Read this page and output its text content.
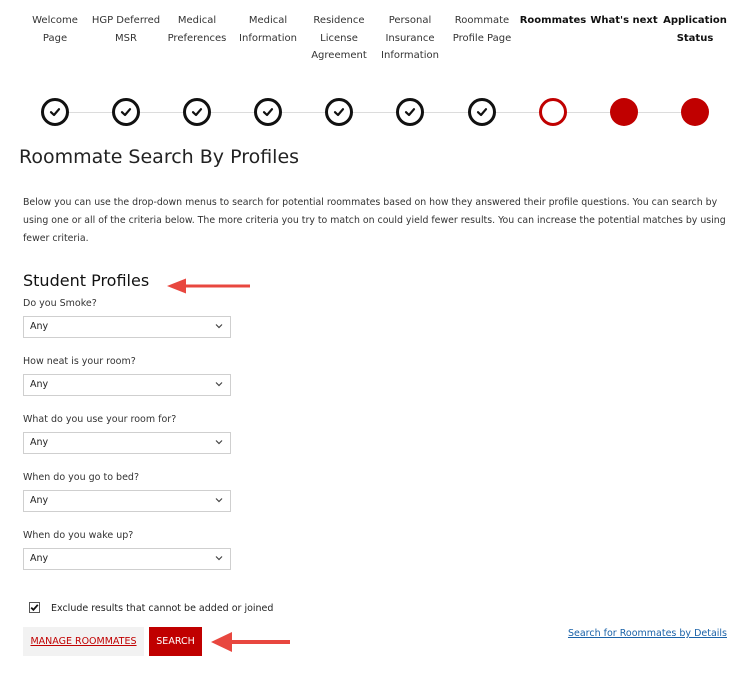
Welcome Page
HGP Deferred MSR
Medical Preferences
Medical Information
Residence License Agreement
Personal Insurance Information
Roommate Profile Page
Roommates What's next Application Status
Roommate Search By Profiles

Below you can use the drop-down menus to search for potential roommates based on how they answered their profile questions. You can search by using one or all of the criteria below. The more criteria you try to match on could yield fewer results. You can increase the potential matches by using fewer criteria.

Student Profiles
Do you Smoke?
Any
How neat is your room?
Any
What do you use your room for?
Any
When do you go to bed?
Any
When do you wake up?
Any
Exclude results that cannot be added or joined
MANAGE ROOMMATES	SEARCH
Search for Roommates by Details
